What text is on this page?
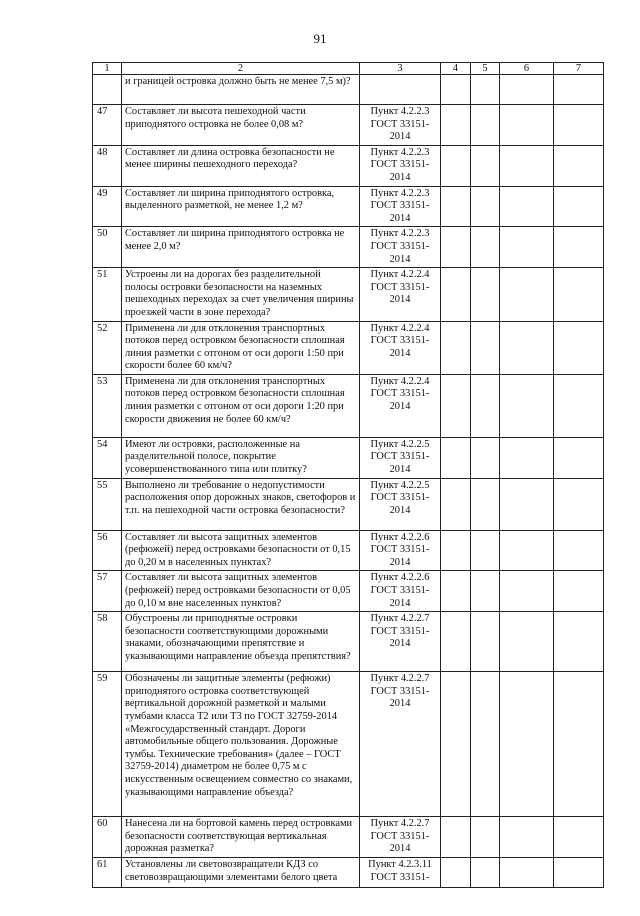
91
1	2	3	4	5	6	7
	и границей островка должно быть не менее 7,5 м)?					
47	Составляет ли высота пешеходной части приподнятого островка не более 0,08 м?	Пункт 4.2.2.3 ГОСТ 33151-2014				
48	Составляет ли длина островка безопасности не менее ширины пешеходного перехода?	Пункт 4.2.2.3 ГОСТ 33151-2014				
49	Составляет ли ширина приподнятого островка, выделенного разметкой, не менее 1,2 м?	Пункт 4.2.2.3 ГОСТ 33151-2014				
50	Составляет ли ширина приподнятого островка не менее 2,0 м?	Пункт 4.2.2.3 ГОСТ 33151-2014				
51	Устроены ли на дорогах без разделительной полосы островки безопасности на наземных пешеходных переходах за счет увеличения ширины проезжей части в зоне перехода?	Пункт 4.2.2.4 ГОСТ 33151-2014				
52	Применена ли для отклонения транспортных потоков перед островком безопасности сплошная линия разметки с отгоном от оси дороги 1:50 при скорости более 60 км/ч?	Пункт 4.2.2.4 ГОСТ 33151-2014				
53	Применена ли для отклонения транспортных потоков перед островком безопасности сплошная линия разметки с отгоном от оси дороги 1:20 при скорости движения не более 60 км/ч?	Пункт 4.2.2.4 ГОСТ 33151-2014				
54	Имеют ли островки, расположенные на разделительной полосе, покрытие усовершенствованного типа или плитку?	Пункт 4.2.2.5 ГОСТ 33151-2014				
55	Выполнено ли требование о недопустимости расположения опор дорожных знаков, светофоров и т.п. на пешеходной части островка безопасности?	Пункт 4.2.2.5 ГОСТ 33151-2014				
56	Составляет ли высота защитных элементов (рефюжей) перед островками безопасности от 0,15 до 0,20 м в населенных пунктах?	Пункт 4.2.2.6 ГОСТ 33151-2014				
57	Составляет ли высота защитных элементов (рефюжей) перед островками безопасности от 0,05 до 0,10 м вне населенных пунктов?	Пункт 4.2.2.6 ГОСТ 33151-2014				
58	Обустроены ли приподнятые островки безопасности соответствующими дорожными знаками, обозначающими препятствие и указывающими направление объезда препятствия?	Пункт 4.2.2.7 ГОСТ 33151-2014				
59	Обозначены ли защитные элементы (рефюжи) приподнятого островка соответствующей вертикальной дорожной разметкой и малыми тумбами класса Т2 или Т3 по ГОСТ 32759-2014 «Межгосударственный стандарт. Дороги автомобильные общего пользования. Дорожные тумбы. Технические требования» (далее – ГОСТ 32759-2014) диаметром не более 0,75 м с искусственным освещением совместно со знаками, указывающими направление объезда?	Пункт 4.2.2.7 ГОСТ 33151-2014				
60	Нанесена ли на бортовой камень перед островками безопасности соответствующая вертикальная дорожная разметка?	Пункт 4.2.2.7 ГОСТ 33151-2014				
61	Установлены ли световозвращатели КДЗ со световозвращающими элементами белого цвета	Пункт 4.2.3.11 ГОСТ 33151-				
